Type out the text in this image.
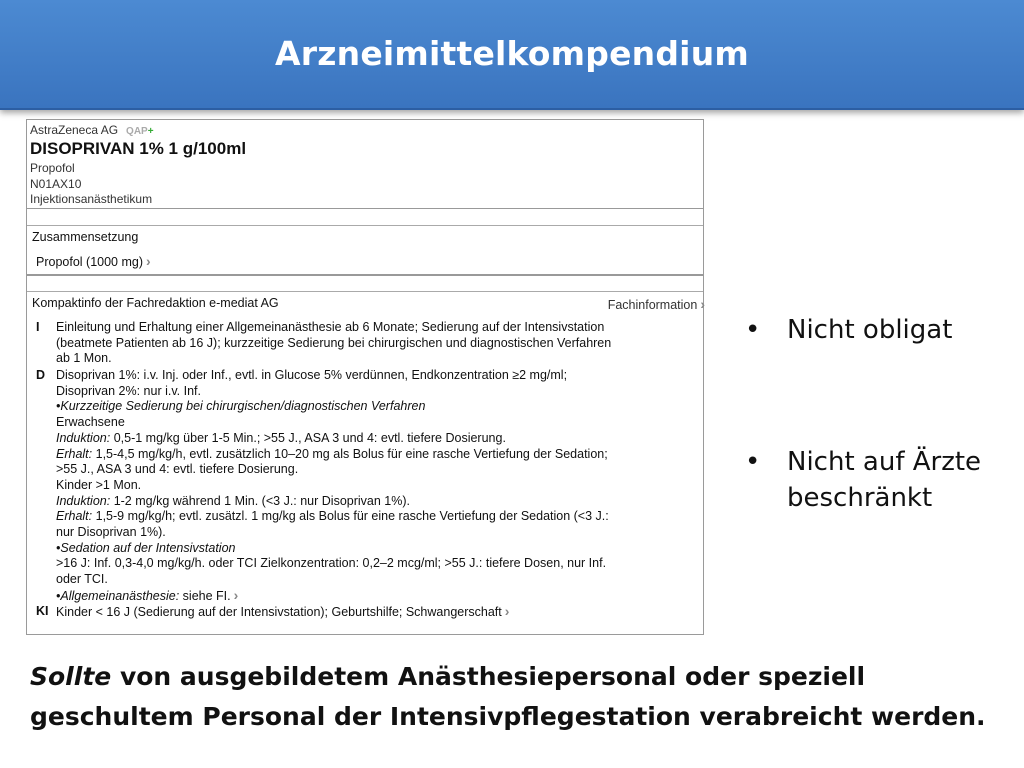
Arzneimittelkompendium
AstraZeneca AG QAP+
DISOPRIVAN 1% 1 g/100ml
Propofol
N01AX10
Injektionsanästhetikum
Zusammensetzung
Propofol (1000 mg) ›
Kompaktinfo der Fachredaktion e-mediat AG	Fachinformation ›
I Einleitung und Erhaltung einer Allgemeinanästhesie ab 6 Monate; Sedierung auf der Intensivstation
(beatmete Patienten ab 16 J); kurzzeitige Sedierung bei chirurgischen und diagnostischen Verfahren
ab 1 Mon.
D Disoprivan 1%: i.v. Inj. oder Inf., evtl. in Glucose 5% verdünnen, Endkonzentration ≥2 mg/ml;
Disoprivan 2%: nur i.v. Inf.
•Kurzzeitige Sedierung bei chirurgischen/diagnostischen Verfahren
Erwachsene
Induktion: 0,5-1 mg/kg über 1-5 Min.; >55 J., ASA 3 und 4: evtl. tiefere Dosierung.
Erhalt: 1,5-4,5 mg/kg/h, evtl. zusätzlich 10–20 mg als Bolus für eine rasche Vertiefung der Sedation;
>55 J., ASA 3 und 4: evtl. tiefere Dosierung.
Kinder >1 Mon.
Induktion: 1-2 mg/kg während 1 Min. (<3 J.: nur Disoprivan 1%).
Erhalt: 1,5-9 mg/kg/h; evtl. zusätzl. 1 mg/kg als Bolus für eine rasche Vertiefung der Sedation (<3 J.:
nur Disoprivan 1%).
•Sedation auf der Intensivstation
>16 J: Inf. 0,3-4,0 mg/kg/h. oder TCI Zielkonzentration: 0,2–2 mcg/ml; >55 J.: tiefere Dosen, nur Inf.
oder TCI.
•Allgemeinanästhesie: siehe FI. ›
KI Kinder < 16 J (Sedierung auf der Intensivstation); Geburtshilfe; Schwangerschaft ›
• Nicht obligat
• Nicht auf Ärzte beschränkt
Sollte von ausgebildetem Anästhesiepersonal oder speziell geschultem Personal der Intensivpflegestation verabreicht werden.
